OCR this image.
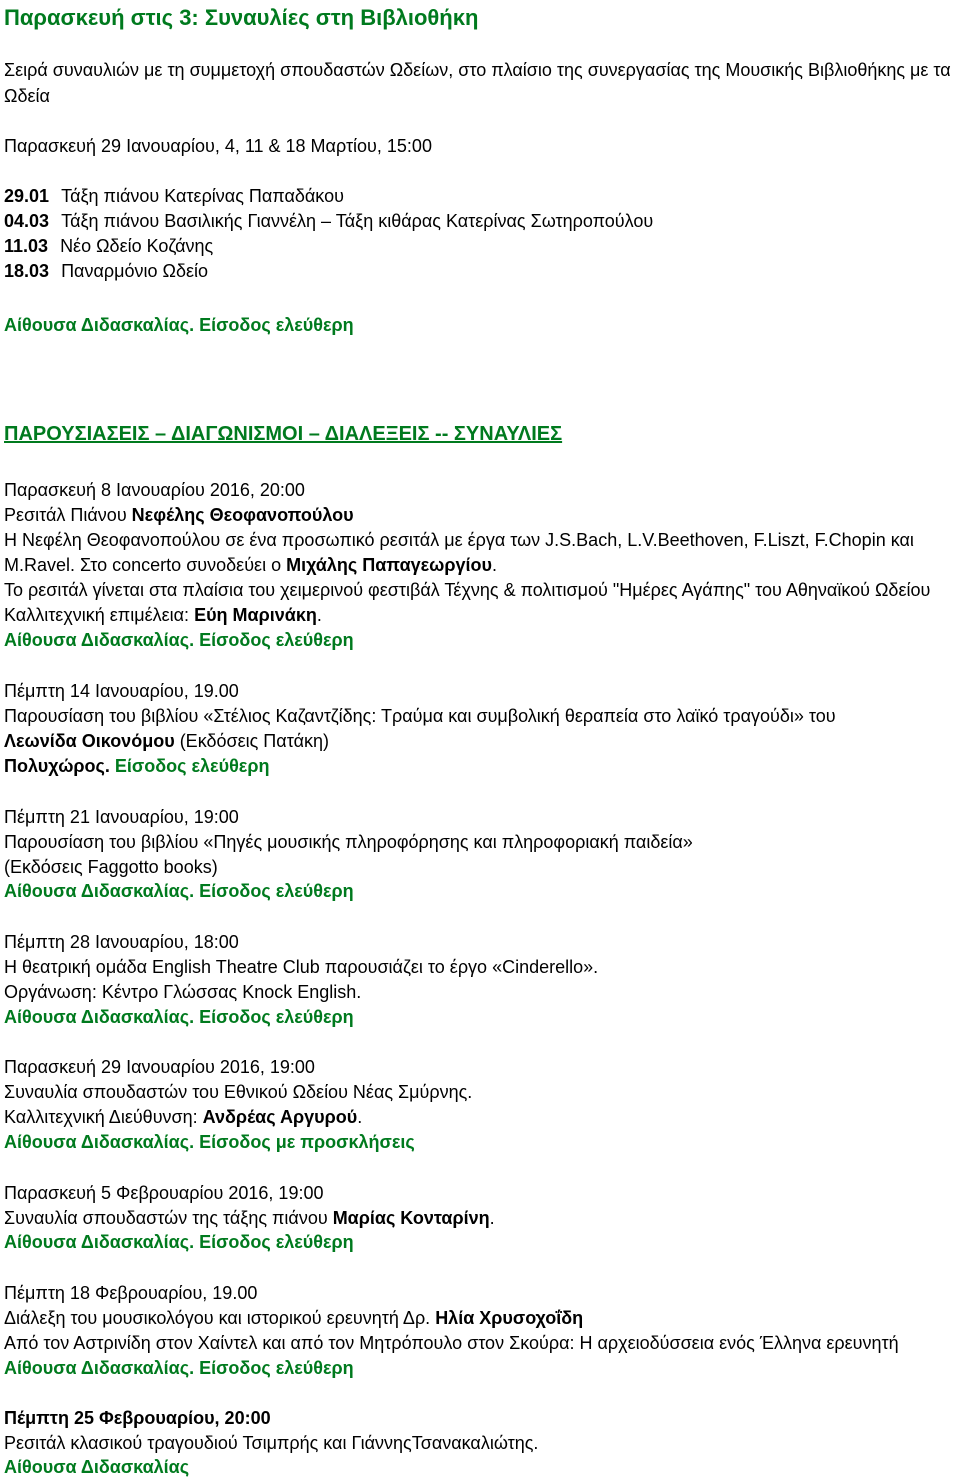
Παρασκευή στις 3: Συναυλίες στη Βιβλιοθήκη
Σειρά συναυλιών με τη συμμετοχή σπουδαστών Ωδείων, στο πλαίσιο της συνεργασίας της Μουσικής Βιβλιοθήκης με τα
Ωδεία
Παρασκευή 29 Ιανουαρίου, 4, 11 & 18 Μαρτίου, 15:00
29.01 Τάξη πιάνου Κατερίνας Παπαδάκου
04.03 Τάξη πιάνου Βασιλικής Γιαννέλη – Τάξη κιθάρας Κατερίνας Σωτηροπούλου
11.03 Νέο Ωδείο Κοζάνης
18.03 Παναρμόνιο Ωδείο
Αίθουσα Διδασκαλίας. Είσοδος ελεύθερη
ΠΑΡΟΥΣΙΑΣΕΙΣ – ΔΙΑΓΩΝΙΣΜΟΙ – ΔΙΑΛΕΞΕΙΣ -- ΣΥΝΑΥΛΙΕΣ
Παρασκευή 8 Ιανουαρίου 2016, 20:00
Ρεσιτάλ Πιάνου Νεφέλης Θεοφανοπούλου
Η Νεφέλη Θεοφανοπούλου σε ένα προσωπικό ρεσιτάλ με έργα των J.S.Bach, L.V.Beethoven, F.Liszt, F.Chopin και
M.Ravel. Στο concerto συνοδεύει ο Μιχάλης Παπαγεωργίου.
Το ρεσιτάλ γίνεται στα πλαίσια του χειμερινού φεστιβάλ Τέχνης & πολιτισμού "Ημέρες Αγάπης" του Αθηναϊκού Ωδείου
Καλλιτεχνική επιμέλεια: Εύη Μαρινάκη.
Αίθουσα Διδασκαλίας. Είσοδος ελεύθερη
Πέμπτη 14 Ιανουαρίου, 19.00
Παρουσίαση του βιβλίου «Στέλιος Καζαντζίδης: Τραύμα και συμβολική θεραπεία στο λαϊκό τραγούδι» του
Λεωνίδα Οικονόμου (Εκδόσεις Πατάκη)
Πολυχώρος. Είσοδος ελεύθερη
Πέμπτη 21 Ιανουαρίου, 19:00
Παρουσίαση του βιβλίου «Πηγές μουσικής πληροφόρησης και πληροφοριακή παιδεία»
(Εκδόσεις Faggotto books)
Αίθουσα Διδασκαλίας. Είσοδος ελεύθερη
Πέμπτη 28 Ιανουαρίου, 18:00
Η θεατρική ομάδα English Theatre Club παρουσιάζει το έργο «Cinderello».
Οργάνωση: Κέντρο Γλώσσας Knock English.
Αίθουσα Διδασκαλίας. Είσοδος ελεύθερη
Παρασκευή 29 Ιανουαρίου 2016, 19:00
Συναυλία σπουδαστών του Εθνικού Ωδείου Νέας Σμύρνης.
Καλλιτεχνική Διεύθυνση: Ανδρέας Αργυρού.
Αίθουσα Διδασκαλίας. Είσοδος με προσκλήσεις
Παρασκευή 5 Φεβρουαρίου 2016, 19:00
Συναυλία σπουδαστών της τάξης πιάνου Μαρίας Κονταρίνη.
Αίθουσα Διδασκαλίας. Είσοδος ελεύθερη
Πέμπτη 18 Φεβρουαρίου, 19.00
Διάλεξη του μουσικολόγου και ιστορικού ερευνητή Δρ. Ηλία Χρυσοχοΐδη
Από τον Αστρινίδη στον Χαίντελ και από τον Μητρόπουλο στον Σκούρα: Η αρχειοδύσσεια ενός Έλληνα ερευνητή
Αίθουσα Διδασκαλίας. Είσοδος ελεύθερη
Πέμπτη 25 Φεβρουαρίου, 20:00
Ρεσιτάλ κλασικού τραγουδιού Τσιμπρής και ΓιάννηςΤσανακαλιώτης.
Αίθουσα Διδασκαλίας
